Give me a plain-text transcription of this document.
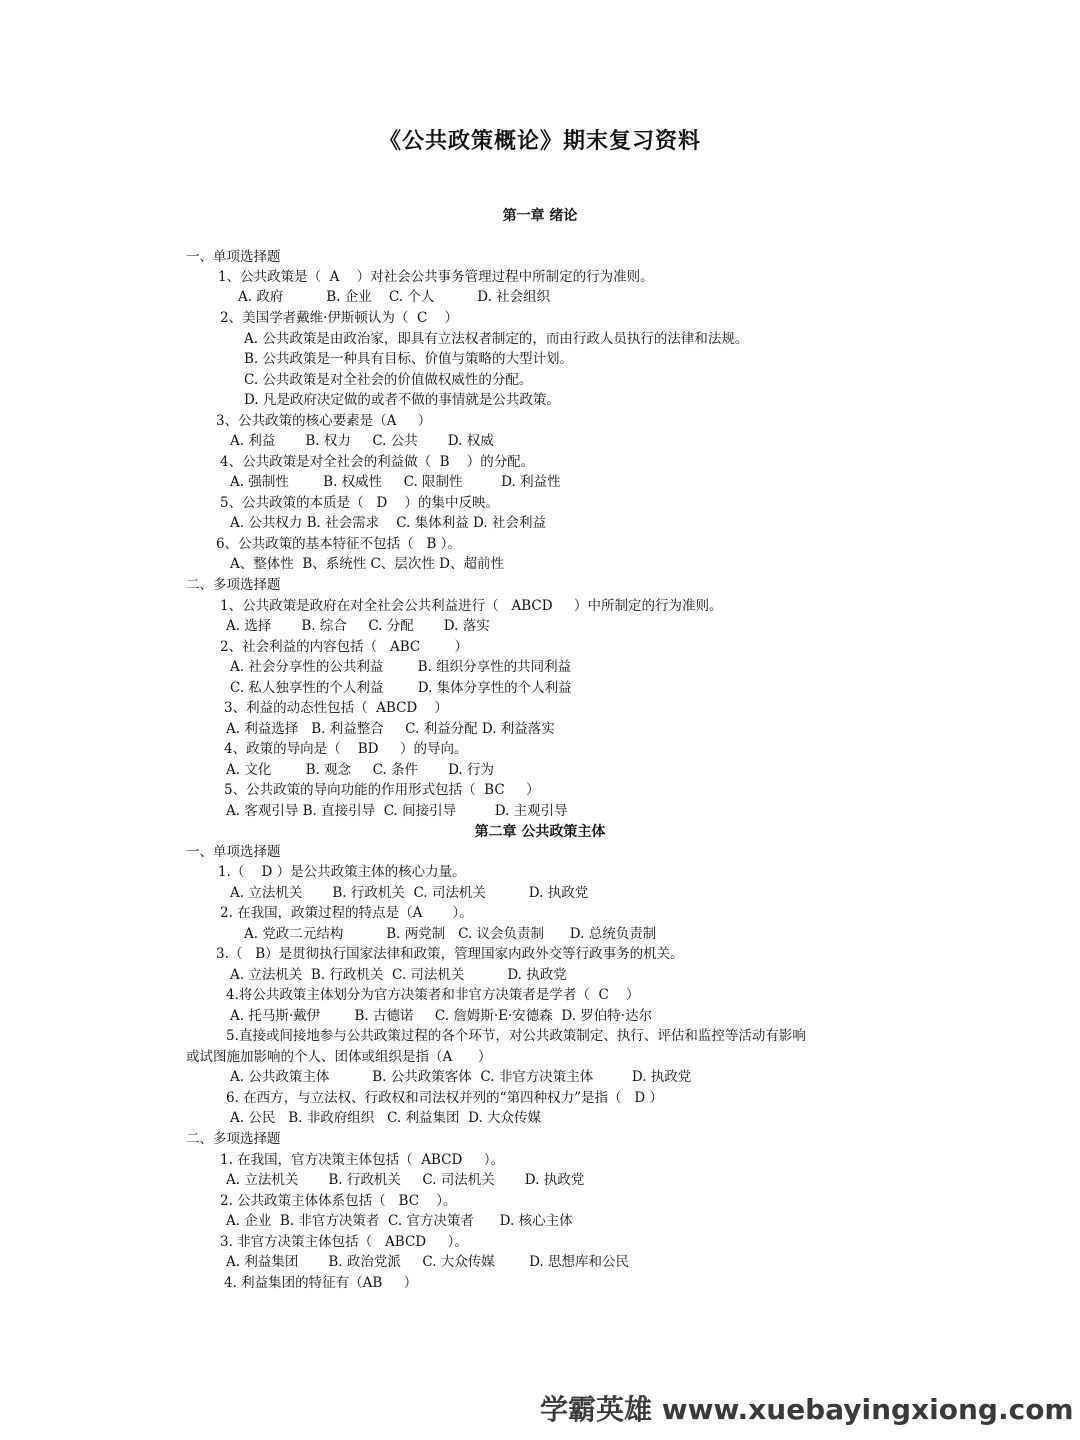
《公共政策概论》期末复习资料
第一章 绪论
一、单项选择题
1、公共政策是（  A    ）对社会公共事务管理过程中所制定的行为准则。
A. 政府          B. 企业    C. 个人          D. 社会组织
2、美国学者戴维·伊斯顿认为（  C    ）
A. 公共政策是由政治家，即具有立法权者制定的，而由行政人员执行的法律和法规。
B. 公共政策是一种具有目标、价值与策略的大型计划。
C. 公共政策是对全社会的价值做权威性的分配。
D. 凡是政府决定做的或者不做的事情就是公共政策。
3、公共政策的核心要素是（A     ）
A. 利益       B. 权力     C. 公共       D. 权威
4、公共政策是对全社会的利益做（  B    ）的分配。
A. 强制性        B. 权威性     C. 限制性         D. 利益性
5、公共政策的本质是（   D    ）的集中反映。
A. 公共权力 B. 社会需求    C. 集体利益 D. 社会利益
6、公共政策的基本特征不包括（   B ）。
A、整体性  B、系统性 C、层次性 D、超前性
二、多项选择题
1、公共政策是政府在对全社会公共利益进行（   ABCD     ）中所制定的行为准则。
A. 选择       B. 综合     C. 分配       D. 落实
2、社会利益的内容包括（   ABC        ）
A. 社会分享性的公共利益        B. 组织分享性的共同利益
C. 私人独享性的个人利益        D. 集体分享性的个人利益
3、利益的动态性包括（  ABCD    ）
A. 利益选择   B. 利益整合     C. 利益分配 D. 利益落实
4、政策的导向是（    BD     ）的导向。
A. 文化        B. 观念     C. 条件       D. 行为
5、公共政策的导向功能的作用形式包括（  BC     ）
A. 客观引导 B. 直接引导  C. 间接引导         D. 主观引导
第二章 公共政策主体
一、单项选择题
1.（    D ）是公共政策主体的核心力量。
A. 立法机关       B. 行政机关  C. 司法机关          D. 执政党
2. 在我国，政策过程的特点是（A       ）。
A. 党政二元结构          B. 两党制   C. 议会负责制      D. 总统负责制
3.（   B）是贯彻执行国家法律和政策，管理国家内政外交等行政事务的机关。
A. 立法机关  B. 行政机关  C. 司法机关          D. 执政党
4.将公共政策主体划分为官方决策者和非官方决策者是学者（  C    ）
A. 托马斯·戴伊        B. 古德诺     C. 詹姆斯·E·安德森  D. 罗伯特·达尔
5.直接或间接地参与公共政策过程的各个环节，对公共政策制定、执行、评估和监控等活动有影响
或试图施加影响的个人、团体或组织是指（A      ）
A. 公共政策主体          B. 公共政策客体  C. 非官方决策主体         D. 执政党
6. 在西方，与立法权、行政权和司法权并列的“第四种权力”是指（   D ）
A. 公民   B. 非政府组织   C. 利益集团  D. 大众传媒
二、多项选择题
1. 在我国，官方决策主体包括（  ABCD     ）。
A. 立法机关       B. 行政机关     C. 司法机关       D. 执政党
2. 公共政策主体体系包括（   BC    ）。
A. 企业  B. 非官方决策者  C. 官方决策者      D. 核心主体
3. 非官方决策主体包括（   ABCD     ）。
A. 利益集团       B. 政治党派     C. 大众传媒        D. 思想库和公民
4. 利益集团的特征有（AB     ）
学霸英雄 www.xuebayingxiong.com
